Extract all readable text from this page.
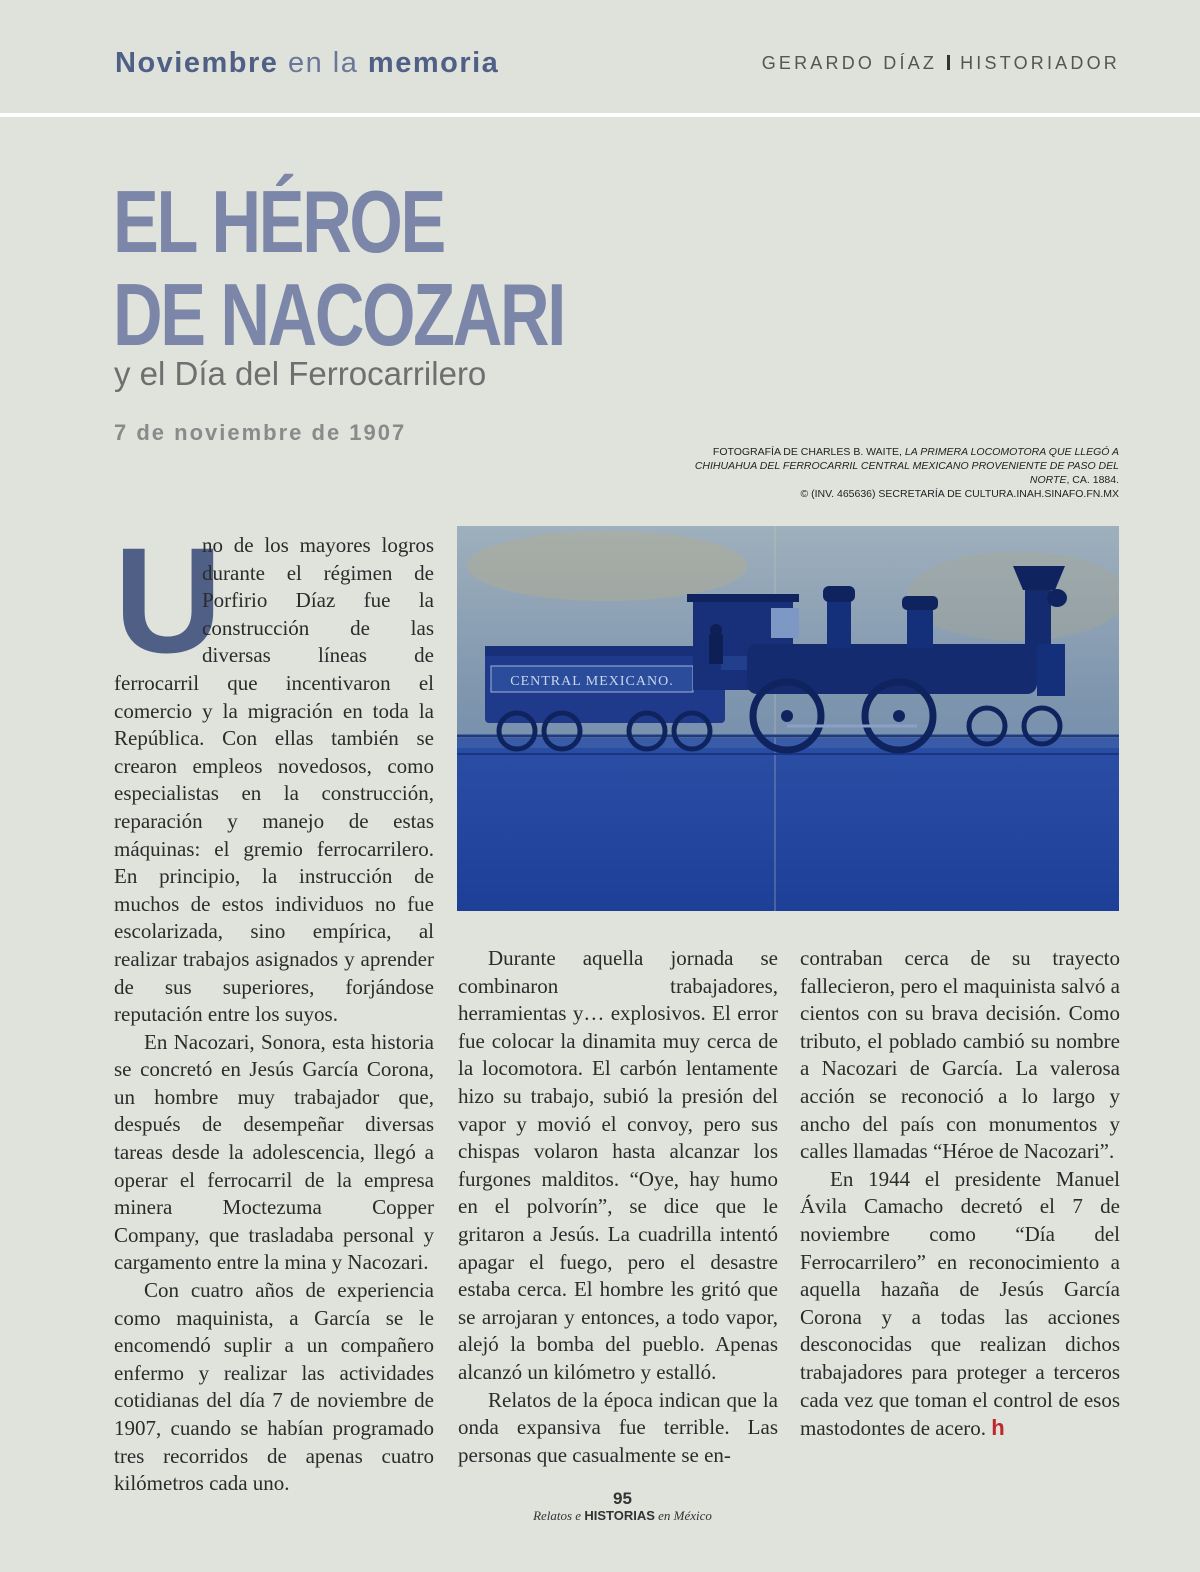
Noviembre en la memoria	GERARDO DÍAZ HISTORIADOR
EL HÉROE
DE NACOZARI
y el Día del Ferrocarrilero
7 de noviembre de 1907
FOTOGRAFÍA DE CHARLES B. WAITE, LA PRIMERA LOCOMOTORA QUE LLEGÓ A CHIHUAHUA DEL FERROCARRIL CENTRAL MEXICANO PROVENIENTE DE PASO DEL NORTE, CA. 1884.
© (INV. 465636) SECRETARÍA DE CULTURA.INAH.SINAFO.FN.MX
CENTRAL MEXICANO.

U
no de los mayores logros durante el régimen de Porfirio Díaz fue la construcción de las diversas líneas de ferrocarril que incentivaron el comercio y la migración en toda la República. Con ellas también se crearon empleos novedosos, como especialistas en la construcción, reparación y manejo de estas máquinas: el gremio ferrocarrilero. En principio, la instrucción de muchos de estos individuos no fue escolarizada, sino empírica, al realizar trabajos asignados y aprender de sus superiores, forjándose reputación entre los suyos.

En Nacozari, Sonora, esta historia se concretó en Jesús García Corona, un hombre muy trabajador que, después de desempeñar diversas tareas desde la adolescencia, llegó a operar el ferrocarril de la empresa minera Moctezuma Copper Company, que trasladaba personal y cargamento entre la mina y Nacozari.

Con cuatro años de experiencia como maquinista, a García se le encomendó suplir a un compañero enfermo y realizar las actividades cotidianas del día 7 de noviembre de 1907, cuando se habían programado tres recorridos de apenas cuatro kilómetros cada uno.

Durante aquella jornada se combinaron trabajadores, herramientas y… explosivos. El error fue colocar la dinamita muy cerca de la locomotora. El carbón lentamente hizo su trabajo, subió la presión del vapor y movió el convoy, pero sus chispas volaron hasta alcanzar los furgones malditos. “Oye, hay humo en el polvorín”, se dice que le gritaron a Jesús. La cuadrilla intentó apagar el fuego, pero el desastre estaba cerca. El hombre les gritó que se arrojaran y entonces, a todo vapor, alejó la bomba del pueblo. Apenas alcanzó un kilómetro y estalló.

Relatos de la época indican que la onda expansiva fue terrible. Las personas que casualmente se en-

contraban cerca de su trayecto fallecieron, pero el maquinista salvó a cientos con su brava decisión. Como tributo, el poblado cambió su nombre a Nacozari de García. La valerosa acción se reconoció a lo largo y ancho del país con monumentos y calles llamadas “Héroe de Nacozari”.

En 1944 el presidente Manuel Ávila Camacho decretó el 7 de noviembre como “Día del Ferrocarrilero” en reconocimiento a aquella hazaña de Jesús García Corona y a todas las acciones desconocidas que realizan dichos trabajadores para proteger a terceros cada vez que toman el control de esos mastodontes de acero. h

95
Relatos e HISTORIAS en México
